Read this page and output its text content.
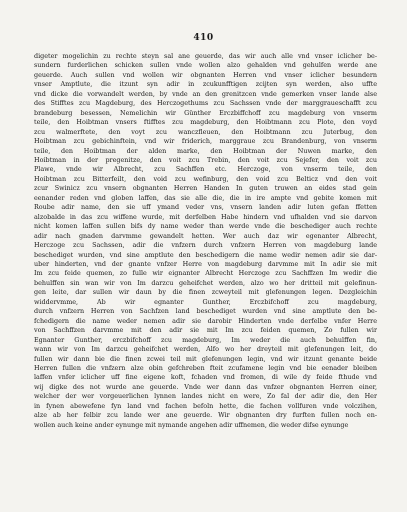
410
digeter mogelichin zu rechte steyn sal ane geuerde, das wir auch alle vnd vnser iclicher be-
sundern furderlichen schicken sullen vnde wollen alzo gehalden vnd gehulfen werde ane
geuerde. Auch sullen vnd wollen wir obgnanten Herren vnd vnser iclicher besundern
vnser Amptlute, die itzunt syn adir in zcukunfftigen zcijten syn werden, also uffte
vnd dicke die vorwandelt werden, by vnde an den grenitzcen vnde gemerken vnser lande alse
des Stifftes zcu Magdeburg, des Herczogethums zcu Sachssen vnde der marggraueschafft zcu
brandeburg besessen, Nemelichin wir Günther Erczbiffchoff zcu magdeburg von vnserm
teile, den Hoibtman vnsers ftifftes zcu magdeburg, den Hoibtmann zcu Plote, den voyd
zcu walmerftete, den voyt zcu wanczfleuen, den Hoibtmann zcu Juterbug, den
Hoibtman zcu gebichinftein, vnd wir friderich, marggraue zcu Brandenburg, von vnserm
teile, den Hoibtman der alden marke, den Hoibtman der Nuwen marke, den
Hoibtman in der pregenitze, den voit zcu Trebin, den voit zcu Sejefer, den voit zcu
Plawe, vnde wir Albrecht, zcu Sachffen etc. Herczoge, von vnserm teile, den
Hoibtman zcu Bitterfeilt, den void zcu wefinburg, den void zcu Belticz vnd den voit
zcur Swinicz zcu vnsern obgnanten Herren Handen In guten truwen an eides stad gein
eenander reden vnd globen laffen, das sie alle die, die in ire ampte vnd gebite komen mit
Roube adir name, den sie uff ymand veder vns, vnsern landen adir luten gefan ffetten
alzobalde in das zcu wiffene wurde, mit derfelben Habe hindern vnd ufhalden vnd sie darvon
nicht komen laffen sullen bifs dy name weder than werde vnde die beschediger auch rechte
adir nach gnaden darvmme gewandelt hetten. Wer auch daz wir egenanter Albrecht,
Herczoge zcu Sachssen, adir die vnfzern durch vnfzern Herren von magdeburg lande
beschediget wurden, vnd sine amptlute den beschedigern die name wedir nemen adir sie dar-
uber hinderten, vnd der gnante vnfzer Herre von magdeburg darvmme mit In adir sie mit
Im zcu feide quemen, zo fulle wir eignanter Albrecht Herczoge zcu Sachffzen Im wedir die
behulffen sin wan wir von Im darzcu geheifchet werden, alzo wo her dritteil mit gelefinun-
gen leite, dar sullen wir daun by die finen zcweyteil mit glefenungen legen. Dezgleichin
widdervmme, Ab wir egnanter Gunther, Erczbifchoff zcu magdeburg,
durch vnfzern Herren von Sachfzen land beschediget wurden vnd sine amptlute den be-
fchedigern die name weder nemen adir sie darobir Hinderten vnde derfelbe vnfer Herre
von Sachffzen darvmme mit den adir sie mit Im zcu feiden quemen, Zo fullen wir
Egnanter Gunther, erczbifchoff zcu magdeburg, Im weder die auch behulffen fin,
wann wir von Im darzcu geheifchet werden, Alfo wo her dreyteil mit glefenungen leit, do
fullen wir dann bie die finen zcwei teil mit glefenungen legin, vnd wir itzunt genante beide
Herren fullen die vnfzern alze obin gefchreben fteit zcufamene legin vnd bie eenader bleiben
laffen vnfer iclicher uff fine eigene koft, fchaden vnd fromen, di wile dy feide fthude vnd
wij digke des not wurde ane geuerde. Vnde wer dann das vnfzer obgnanten Herren einer,
welcher der wer vorgeuerlichen lynnen landes nicht en were, Zo fal der adir die, den Her
in fynen abewefene fyn land vnd fachen befoln hette, die fachen vollfuren vnde volczihen,
alze ab her felbir zcu lande wer ane geuerde. Wir obgnanten dry furften fullen noch en-
wollen auch keine ander eynunge mit nymande angehen adir uffnemen, die weder difse eynunge
